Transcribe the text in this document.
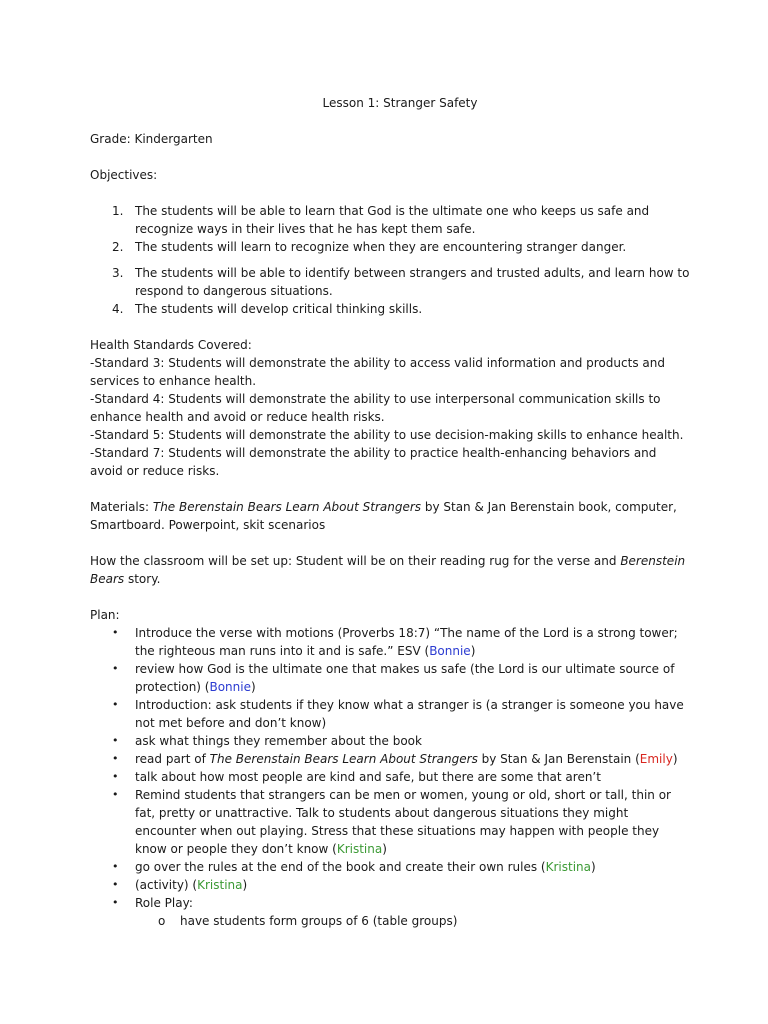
Lesson 1: Stranger Safety

Grade: Kindergarten

Objectives:

1. The students will be able to learn that God is the ultimate one who keeps us safe and recognize ways in their lives that he has kept them safe.
2. The students will learn to recognize when they are encountering stranger danger.
3. The students will be able to identify between strangers and trusted adults, and learn how to respond to dangerous situations.
4. The students will develop critical thinking skills.

Health Standards Covered:

-Standard 3: Students will demonstrate the ability to access valid information and products and services to enhance health.

-Standard 4: Students will demonstrate the ability to use interpersonal communication skills to enhance health and avoid or reduce health risks.

-Standard 5: Students will demonstrate the ability to use decision-making skills to enhance health.

-Standard 7: Students will demonstrate the ability to practice health-enhancing behaviors and avoid or reduce risks.

Materials: The Berenstain Bears Learn About Strangers by Stan & Jan Berenstain book, computer, Smartboard. Powerpoint, skit scenarios

How the classroom will be set up: Student will be on their reading rug for the verse and Berenstein Bears story.

Plan:

• Introduce the verse with motions (Proverbs 18:7) “The name of the Lord is a strong tower; the righteous man runs into it and is safe.” ESV (Bonnie)
• review how God is the ultimate one that makes us safe (the Lord is our ultimate source of protection) (Bonnie)
• Introduction: ask students if they know what a stranger is (a stranger is someone you have not met before and don’t know)
• ask what things they remember about the book
• read part of The Berenstain Bears Learn About Strangers by Stan & Jan Berenstain (Emily)
• talk about how most people are kind and safe, but there are some that aren’t
• Remind students that strangers can be men or women, young or old, short or tall, thin or fat, pretty or unattractive. Talk to students about dangerous situations they might encounter when out playing. Stress that these situations may happen with people they know or people they don’t know (Kristina)
• go over the rules at the end of the book and create their own rules (Kristina)
• (activity) (Kristina)
• Role Play:
o have students form groups of 6 (table groups)
